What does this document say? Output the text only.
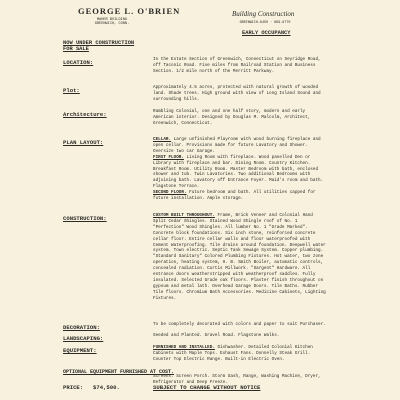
GEORGE L. O'BRIEN
MAHER BUILDING
GREENWICH, CONN.
Building Construction
GREENWICH-6450 · 869-8770
EARLY OCCUPANCY
NOW UNDER CONSTRUCTION
FOR SALE
LOCATION:	In the Estate Section of Greenwich, Connecticut on Seyridge Road, off Taconic Road. Five miles from Railroad Station and Business Section. 1/2 mile north of the Merritt Parkway.
Plot:	Approximately 4.5 acres, protected with natural growth of wooded land. Shade trees. High ground with view of Long Island Sound and surrounding hills.
Architecture:	Rambling Colonial, one and one half story, modern and early American interior. Designed by Douglas M. Malcolm, Architect, Greenwich, Connecticut.
PLAN LAYOUT:	CELLAR. Large unfinished Playroom with wood burning fireplace and open cellar. Provisions made for future Lavatory and Shower. Oversize two car Garage.

FIRST FLOOR. Living Room with fireplace. Wood panelled Den or Library with fireplace and bar. Dining Room. Country Kitchen. Breakfast Room. Utility Room. Master Bedroom with bath, enclosed shower and tub. Twin Lavatories. Two additional Bedrooms with adjoining bath. Lavatory off Entrance Foyer. Maid's room and bath. Flagstone Terrace.

SECOND FLOOR. Future bedroom and bath. All utilities capped for future installation. Ample storage.

CONSTRUCTION:	CUSTOM BUILT THROUGHOUT. Frame, Brick Veneer and Colonial Hand Split Cedar Shingles. Stained Wood Shingle roof of No. 1 "Perfection" Wood Shingles. All lumber No. 1 "Grade Marked". Concrete block foundations. Six inch stone, reinforced concrete cellar floor. Entire cellar walls and floor waterproofed with Cement Waterproofing. Tile drains around foundation. Deepwell water system. Town electric. Septic Tank Sewage System. Copper plumbing. "Standard Sanitary" Colored Plumbing Fixtures. Hot water, two zone operation, heating system, H. B. Smith Boiler, automatic controls, concealed radiation. Curtis Millwork. "Sargent" Hardware. All entrance doors weatherstripped with weatherproof saddles. Fully insulated. Selected Grade oak floors. Plaster finish throughout on gypsum and metal lath. Overhead Garage Doors. Tile Baths. Rubber Tile floors. Chromium Bath Accessories. Medicine Cabinets, Lighting Fixtures.

DECORATION:	To be completely decorated with colors and paper to suit Purchaser.
LANDSCAPING:	Seeded and Planted. Gravel Road. Flagstone Walks.
EQUIPMENT:	FURNISHED AND INSTALLED. Dishwasher. Detailed Colonial Kitchen Cabinets with Maple Tops. Exhaust Fans. Donnelly Steak Grill. Counter Top Electric Range. Built-in Electric Oven.

OPTIONAL EQUIPMENT FURNISHED AT COST.
Screens. Screen Porch. Storm Sash, Range, Washing Machine, Dryer, Refrigerator and Deep Freeze.
PRICE: $74,500.	SUBJECT TO CHANGE WITHOUT NOTICE
